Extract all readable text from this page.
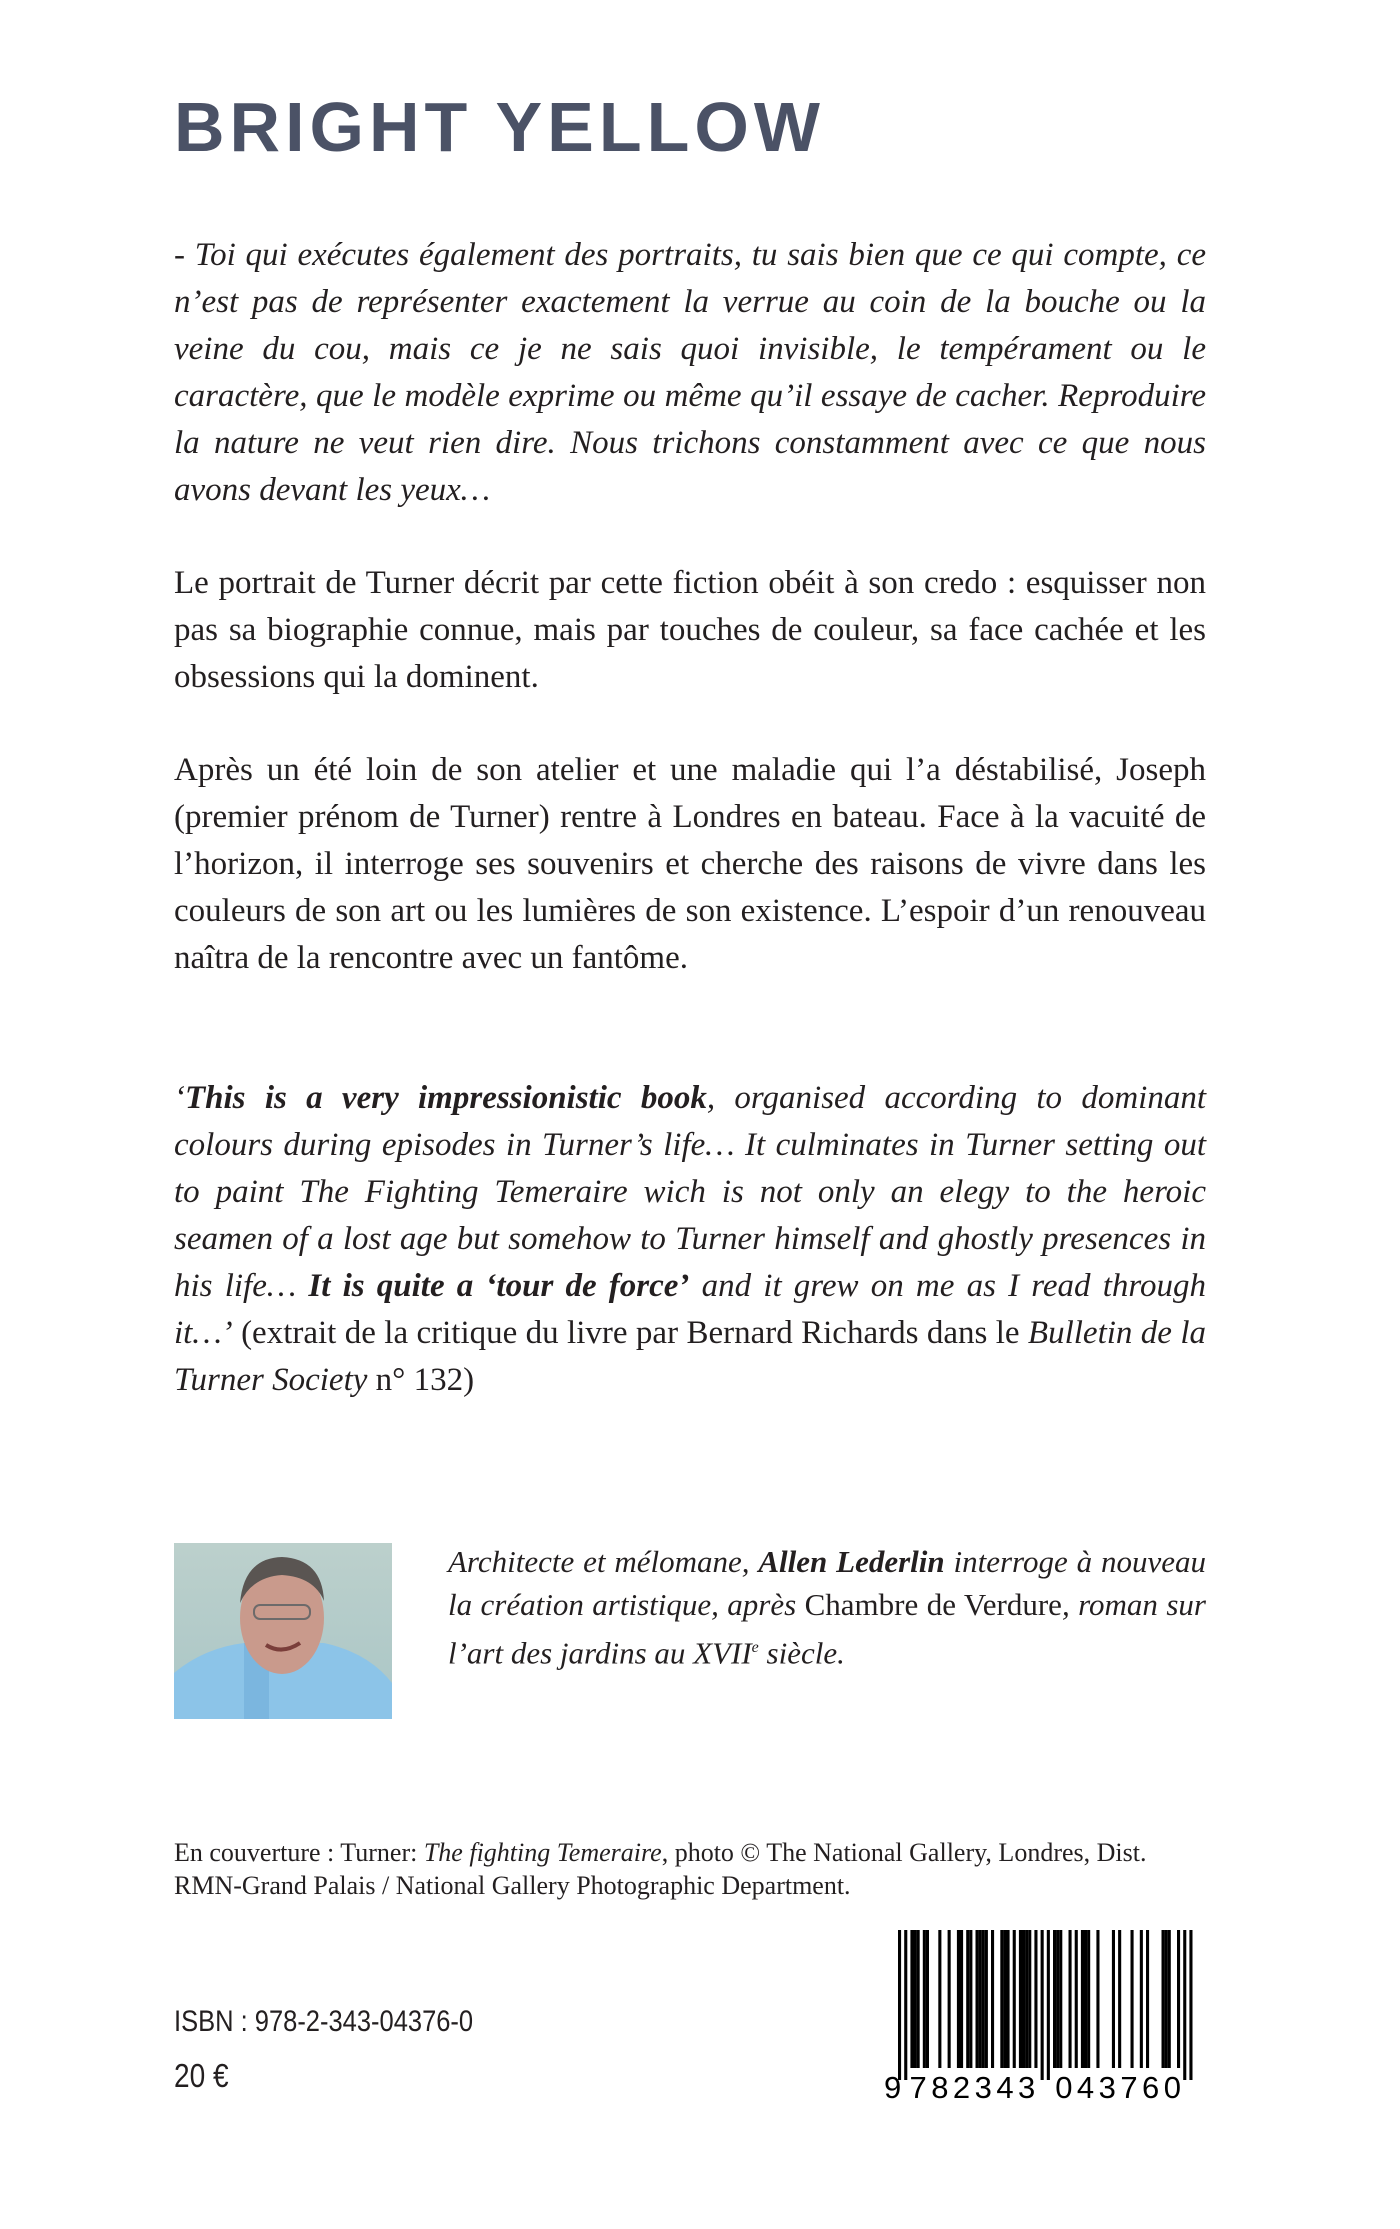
BRIGHT YELLOW

- Toi qui exécutes également des portraits, tu sais bien que ce qui compte, ce n’est pas de représenter exactement la verrue au coin de la bouche ou la veine du cou, mais ce je ne sais quoi invisible, le tempérament ou le caractère, que le modèle exprime ou même qu’il essaye de cacher. Reproduire la nature ne veut rien dire. Nous trichons constamment avec ce que nous avons devant les yeux…

Le portrait de Turner décrit par cette fiction obéit à son credo : esquisser non pas sa biographie connue, mais par touches de couleur, sa face cachée et les obsessions qui la dominent.

Après un été loin de son atelier et une maladie qui l’a déstabilisé, Joseph (premier prénom de Turner) rentre à Londres en bateau. Face à la vacuité de l’horizon, il interroge ses souvenirs et cherche des raisons de vivre dans les couleurs de son art ou les lumières de son existence. L’espoir d’un renouveau naîtra de la rencontre avec un fantôme.

‘This is a very impressionistic book, organised according to dominant colours during episodes in Turner’s life… It culminates in Turner setting out to paint The Fighting Temeraire wich is not only an elegy to the heroic seamen of a lost age but somehow to Turner himself and ghostly presences in his life… It is quite a ‘tour de force’ and it grew on me as I read through it…’ (extrait de la critique du livre par Bernard Richards dans le Bulletin de la Turner Society n° 132)

Architecte et mélomane, Allen Lederlin interroge à nouveau la création artistique, après Chambre de Verdure, roman sur l’art des jardins au XVIIe siècle.

En couverture : Turner: The fighting Temeraire, photo © The National Gallery, Londres, Dist. RMN-Grand Palais / National Gallery Photographic Department.

ISBN : 978-2-343-04376-0
20 €	9 7 8 2 3 4 3 0 4 3 7 6 0
